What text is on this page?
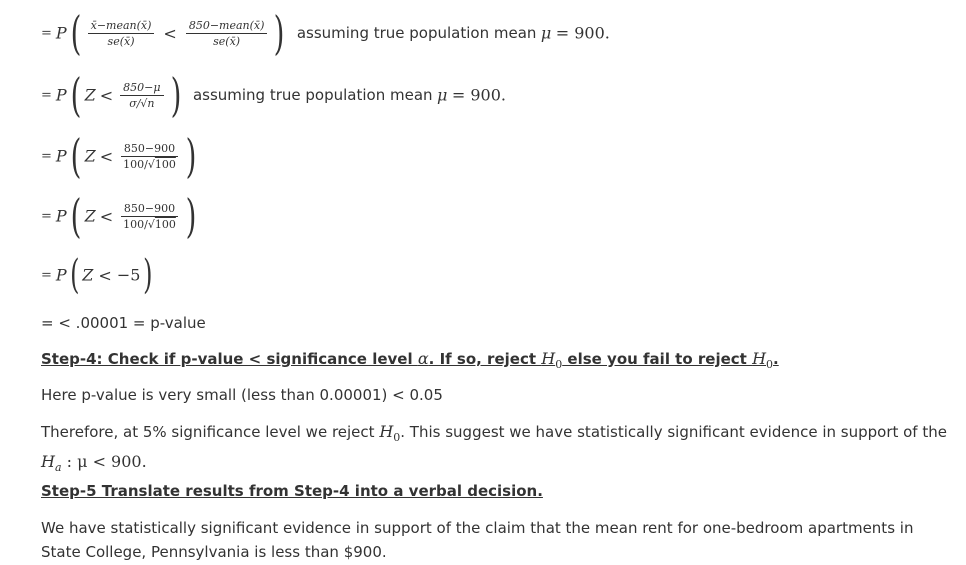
= $P( \frac{\text{x̄−mean(x̄)}}{se(x̄)} < \frac{\text{850−mean(x̄)}}{se(x̄)}$ ) assuming true population mean μ = 900.
= P( $Z < \frac{850-\mu}{\sigma/√n}$ ) assuming true population mean μ = 900.
= P( $Z < \frac{850-900}{100/√100}$ )
= P( $Z < \frac{850-900}{100/√100}$ )
= P( Z < −5)
= < .00001 = p-value
Step-4: Check if p-value < significance level α. If so, reject $H_0$ else you fail to reject $H_0$.
Here p-value is very small (less than 0.00001) < 0.05
Therefore, at 5% significance level we reject $H_0$. This suggest we have statistically significant evidence in support of the
$H_a$ : μ < 900.
Step-5 Translate results from Step-4 into a verbal decision.
We have statistically significant evidence in support of the claim that the mean rent for one-bedroom apartments in State College, Pennsylvania is less than $900.
